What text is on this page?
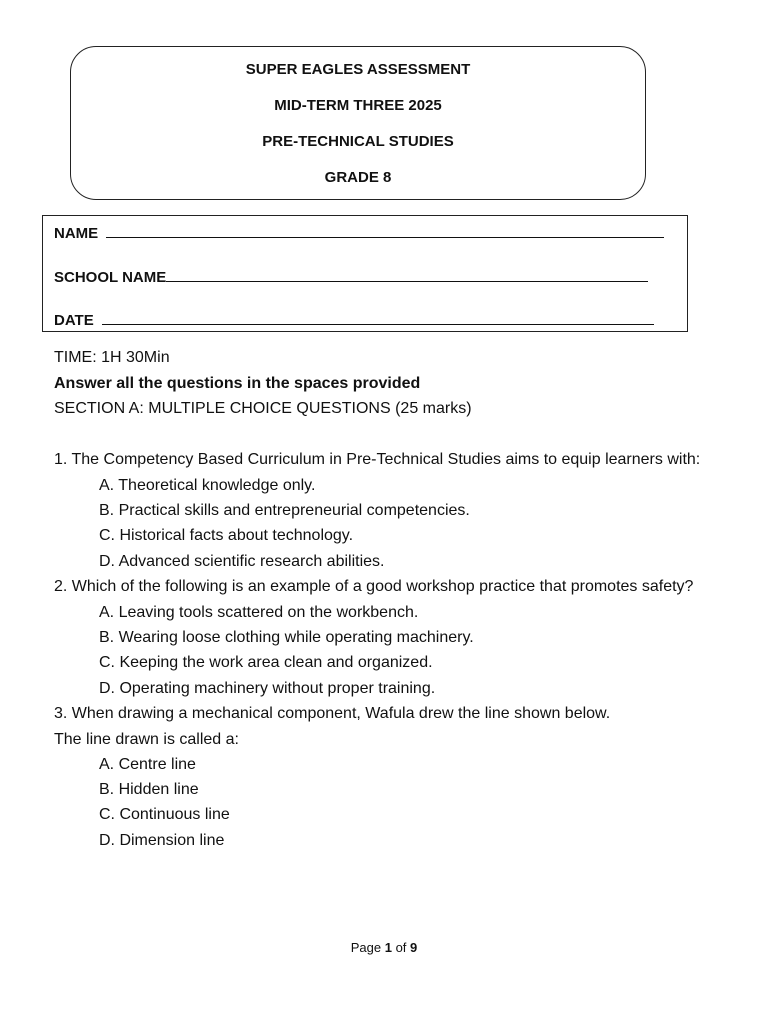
SUPER EAGLES ASSESSMENT
MID-TERM THREE 2025
PRE-TECHNICAL STUDIES
GRADE 8
NAME
SCHOOL NAME
DATE
TIME: 1H 30Min
Answer all the questions in the spaces provided
SECTION A: MULTIPLE CHOICE QUESTIONS (25 marks)
1. The Competency Based Curriculum in Pre-Technical Studies aims to equip learners with:
A. Theoretical knowledge only.
B. Practical skills and entrepreneurial competencies.
C. Historical facts about technology.
D. Advanced scientific research abilities.
2. Which of the following is an example of a good workshop practice that promotes safety?
A. Leaving tools scattered on the workbench.
B. Wearing loose clothing while operating machinery.
C. Keeping the work area clean and organized.
D. Operating machinery without proper training.
3. When drawing a mechanical component, Wafula drew the line shown below.
The line drawn is called a:
A. Centre line
B. Hidden line
C. Continuous line
D. Dimension line
Page 1 of 9
